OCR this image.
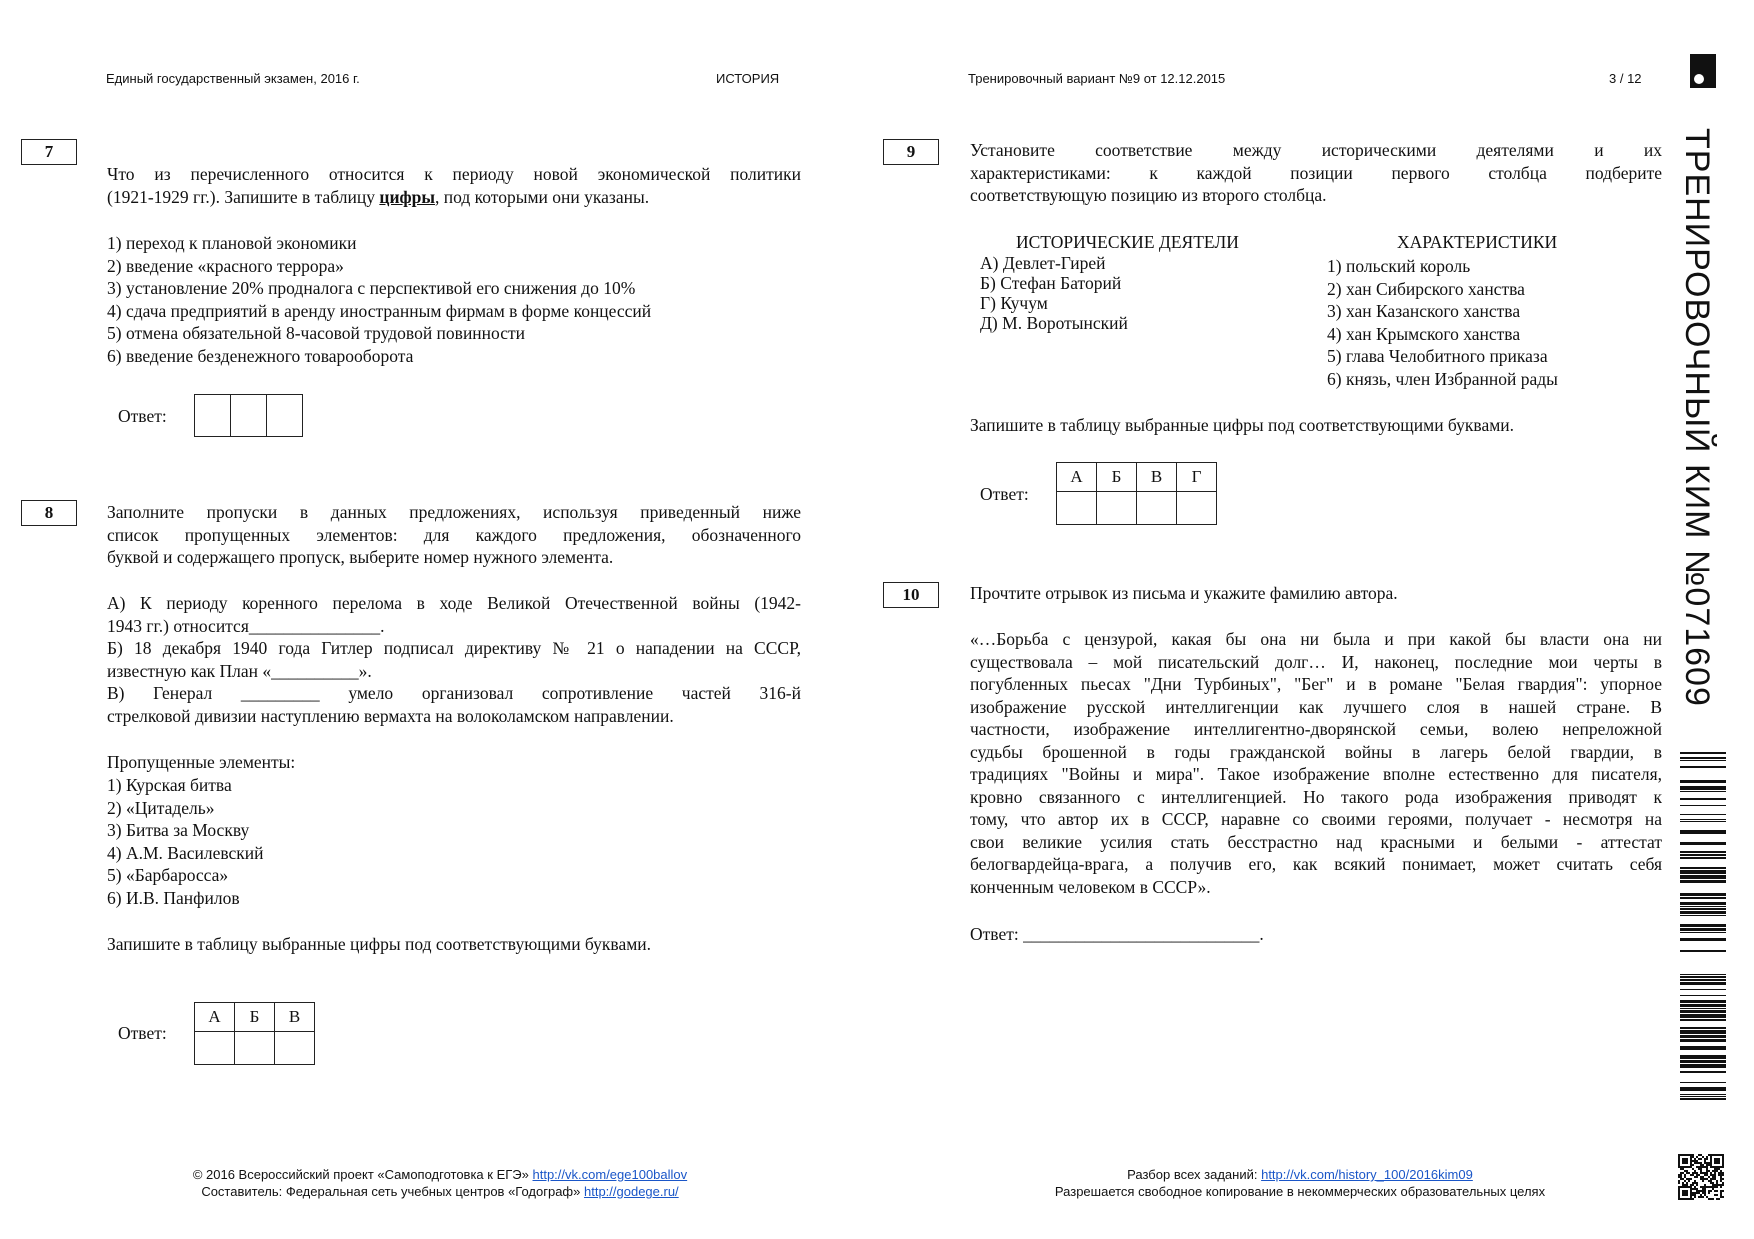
Единый государственный экзамен, 2016 г.	ИСТОРИЯ	Тренировочный вариант №9 от 12.12.2015	3 / 12
ТРЕНИРОВОЧНЫЙ КИМ №071609
7
Что из перечисленного относится к периоду новой экономической политики
(1921-1929 гг.). Запишите в таблицу цифры, под которыми они указаны.
1) переход к плановой экономики
2) введение «красного террора»
3) установление 20% продналога с перспективой его снижения до 10%
4) сдача предприятий в аренду иностранным фирмам в форме концессий
5) отмена обязательной 8-часовой трудовой повинности
6) введение безденежного товарооборота
Ответ:
8	Заполните пропуски в данных предложениях, используя приведенный ниже
список пропущенных элементов: для каждого предложения, обозначенного
буквой и содержащего пропуск, выберите номер нужного элемента.
А) К периоду коренного перелома в ходе Великой Отечественной войны (1942-
1943 гг.) относится_______________.
Б) 18 декабря 1940 года Гитлер подписал директиву № 21 о нападении на СССР,
известную как План «__________».
В) Генерал _________ умело организовал сопротивление частей 316-й
стрелковой дивизии наступлению вермахта на волоколамском направлении.
Пропущенные элементы:
1) Курская битва
2) «Цитадель»
3) Битва за Москву
4) А.М. Василевский
5) «Барбаросса»
6) И.В. Панфилов
Запишите в таблицу выбранные цифры под соответствующими буквами.
Ответ:
А	Б	В

9	Установите соответствие между историческими деятелями и их
характеристиками: к каждой позиции первого столбца подберите
соответствующую позицию из второго столбца.
ИСТОРИЧЕСКИЕ ДЕЯТЕЛИ
А) Девлет-Гирей
Б) Стефан Баторий
Г) Кучум
Д) М. Воротынский
ХАРАКТЕРИСТИКИ
1) польский король
2) хан Сибирского ханства
3) хан Казанского ханства
4) хан Крымского ханства
5) глава Челобитного приказа
6) князь, член Избранной рады
Запишите в таблицу выбранные цифры под соответствующими буквами.
Ответ:
А	Б	В	Г

10	Прочтите отрывок из письма и укажите фамилию автора.
«…Борьба с цензурой, какая бы она ни была и при какой бы власти она ни
существовала – мой писательский долг… И, наконец, последние мои черты в
погубленных пьесах "Дни Турбиных", "Бег" и в романе "Белая гвардия": упорное
изображение русской интеллигенции как лучшего слоя в нашей стране. В
частности, изображение интеллигентно-дворянской семьи, волею непреложной
судьбы брошенной в годы гражданской войны в лагерь белой гвардии, в
традициях "Войны и мира". Такое изображение вполне естественно для писателя,
кровно связанного с интеллигенцией. Но такого рода изображения приводят к
тому, что автор их в СССР, наравне со своими героями, получает - несмотря на
свои великие усилия стать бесстрастно над красными и белыми - аттестат
белогвардейца-врага, а получив его, как всякий понимает, может считать себя
конченным человеком в СССР».
Ответ: ___________________________.
© 2016 Всероссийский проект «Самоподготовка к ЕГЭ» http://vk.com/ege100ballov
Составитель: Федеральная сеть учебных центров «Годограф» http://godege.ru/
Разбор всех заданий: http://vk.com/history_100/2016kim09
Разрешается свободное копирование в некоммерческих образовательных целях
